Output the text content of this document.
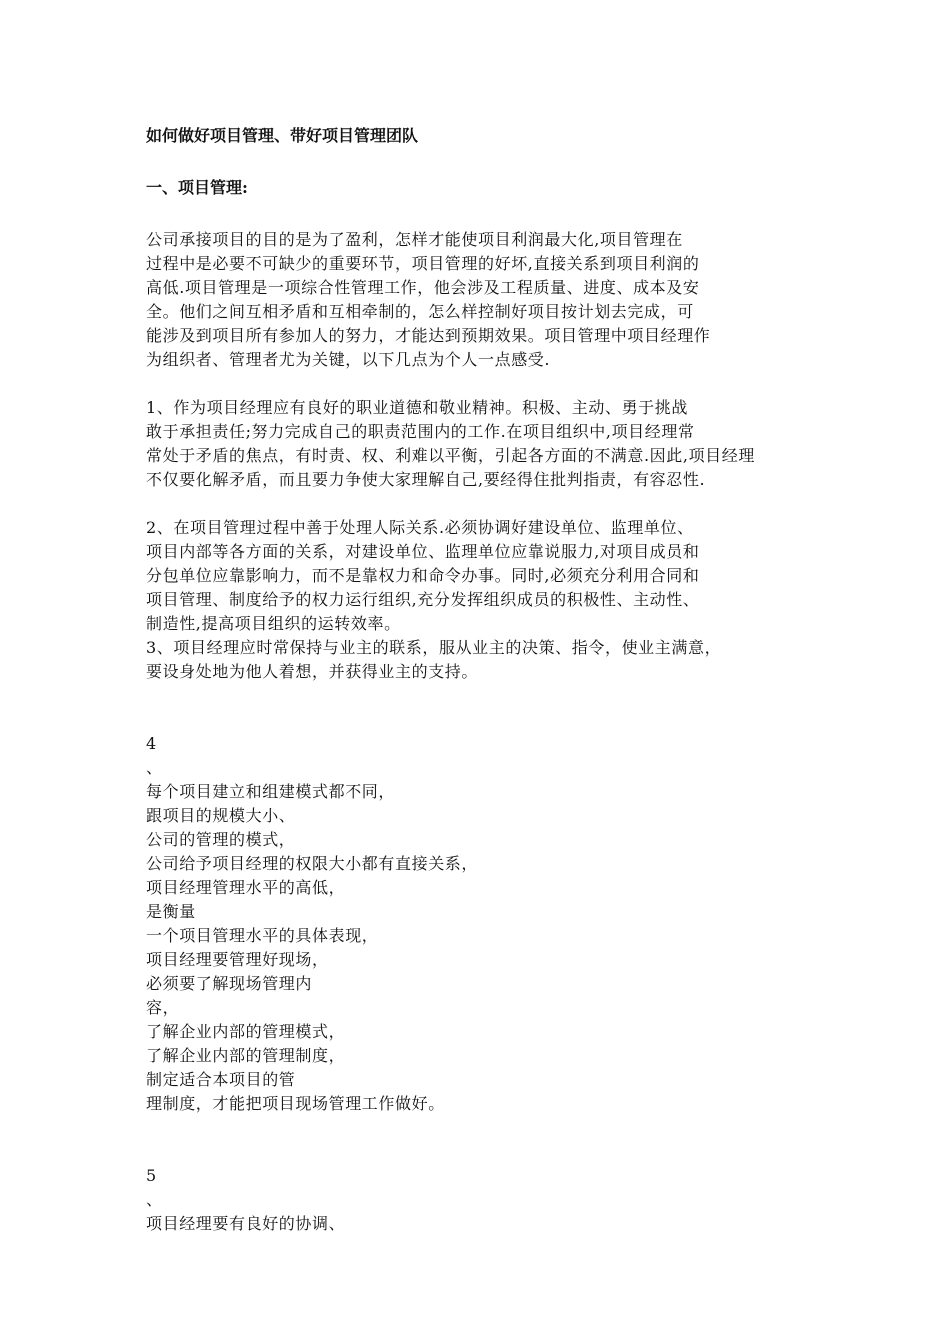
如何做好项目管理、带好项目管理团队
一、项目管理:
公司承接项目的目的是为了盈利，怎样才能使项目利润最大化,项目管理在
过程中是必要不可缺少的重要环节，项目管理的好坏,直接关系到项目利润的
高低.项目管理是一项综合性管理工作，他会涉及工程质量、进度、成本及安
全。他们之间互相矛盾和互相牵制的，怎么样控制好项目按计划去完成，可
能涉及到项目所有参加人的努力，才能达到预期效果。项目管理中项目经理作
为组织者、管理者尤为关键，以下几点为个人一点感受.
1、作为项目经理应有良好的职业道德和敬业精神。积极、主动、勇于挑战
敢于承担责任;努力完成自己的职责范围内的工作.在项目组织中,项目经理常
常处于矛盾的焦点，有时责、权、利难以平衡，引起各方面的不满意.因此,项目经理
不仅要化解矛盾，而且要力争使大家理解自己,要经得住批判指责，有容忍性.
2、在项目管理过程中善于处理人际关系.必须协调好建设单位、监理单位、
项目内部等各方面的关系，对建设单位、监理单位应靠说服力,对项目成员和
分包单位应靠影响力，而不是靠权力和命令办事。同时,必须充分利用合同和
项目管理、制度给予的权力运行组织,充分发挥组织成员的积极性、主动性、
制造性,提高项目组织的运转效率。
3、项目经理应时常保持与业主的联系，服从业主的决策、指令，使业主满意，
要设身处地为他人着想，并获得业主的支持。
4
、
每个项目建立和组建模式都不同，
跟项目的规模大小、
公司的管理的模式，
公司给予项目经理的权限大小都有直接关系，
项目经理管理水平的高低，
是衡量
一个项目管理水平的具体表现，
项目经理要管理好现场，
必须要了解现场管理内
容，
了解企业内部的管理模式，
了解企业内部的管理制度，
制定适合本项目的管
理制度，才能把项目现场管理工作做好。
5
、
项目经理要有良好的协调、
